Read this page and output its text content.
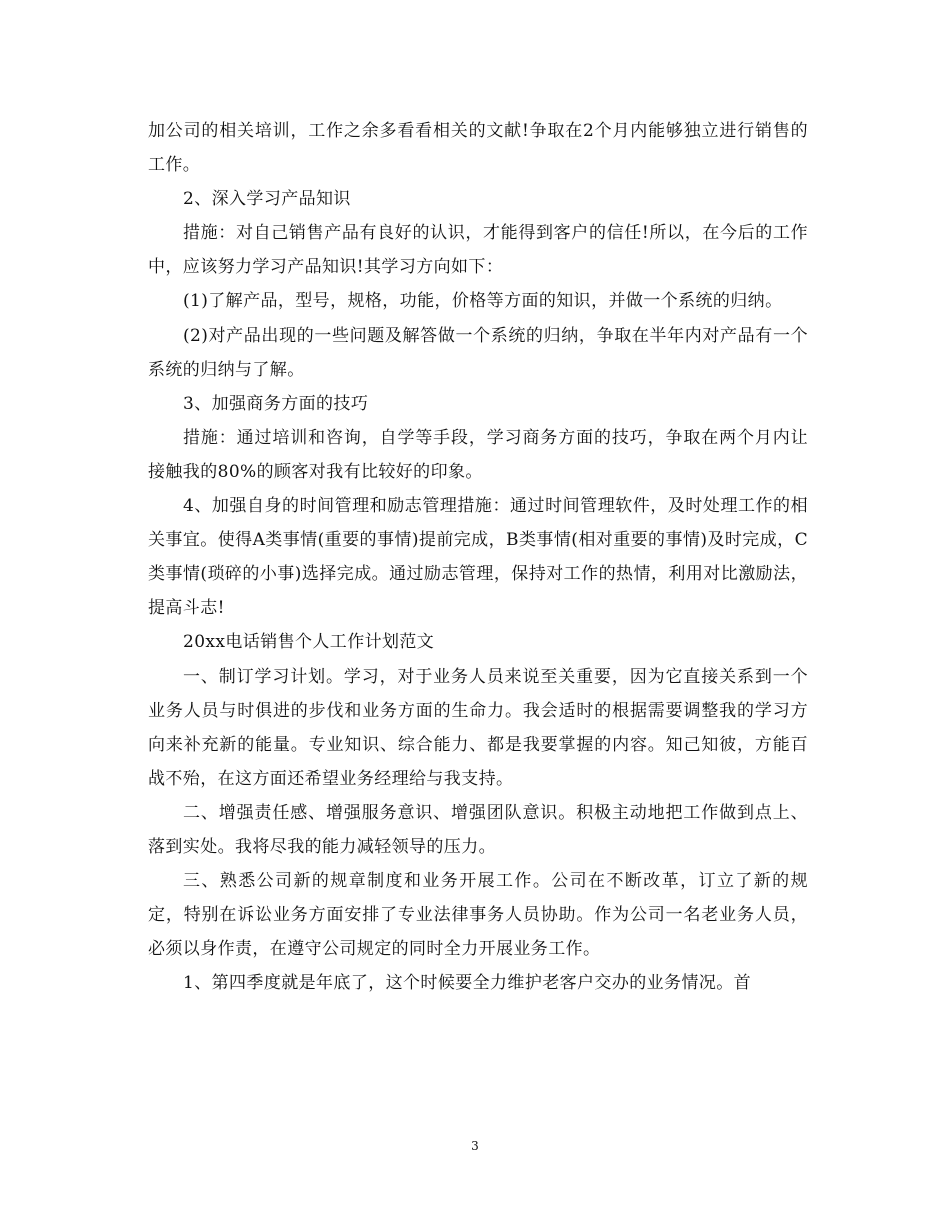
加公司的相关培训，工作之余多看看相关的文献!争取在2个月内能够独立进行销售的工作。

2、深入学习产品知识

措施：对自己销售产品有良好的认识，才能得到客户的信任!所以，在今后的工作中，应该努力学习产品知识!其学习方向如下：

(1)了解产品，型号，规格，功能，价格等方面的知识，并做一个系统的归纳。

(2)对产品出现的一些问题及解答做一个系统的归纳，争取在半年内对产品有一个系统的归纳与了解。

3、加强商务方面的技巧

措施：通过培训和咨询，自学等手段，学习商务方面的技巧，争取在两个月内让接触我的80%的顾客对我有比较好的印象。

4、加强自身的时间管理和励志管理措施：通过时间管理软件，及时处理工作的相关事宜。使得A类事情(重要的事情)提前完成，B类事情(相对重要的事情)及时完成，C类事情(琐碎的小事)选择完成。通过励志管理，保持对工作的热情，利用对比激励法，提高斗志!

20xx电话销售个人工作计划范文

一、制订学习计划。学习，对于业务人员来说至关重要，因为它直接关系到一个业务人员与时俱进的步伐和业务方面的生命力。我会适时的根据需要调整我的学习方向来补充新的能量。专业知识、综合能力、都是我要掌握的内容。知己知彼，方能百战不殆，在这方面还希望业务经理给与我支持。

二、增强责任感、增强服务意识、增强团队意识。积极主动地把工作做到点上、落到实处。我将尽我的能力减轻领导的压力。

三、熟悉公司新的规章制度和业务开展工作。公司在不断改革，订立了新的规定，特别在诉讼业务方面安排了专业法律事务人员协助。作为公司一名老业务人员，必须以身作责，在遵守公司规定的同时全力开展业务工作。

1、第四季度就是年底了，这个时候要全力维护老客户交办的业务情况。首

3
